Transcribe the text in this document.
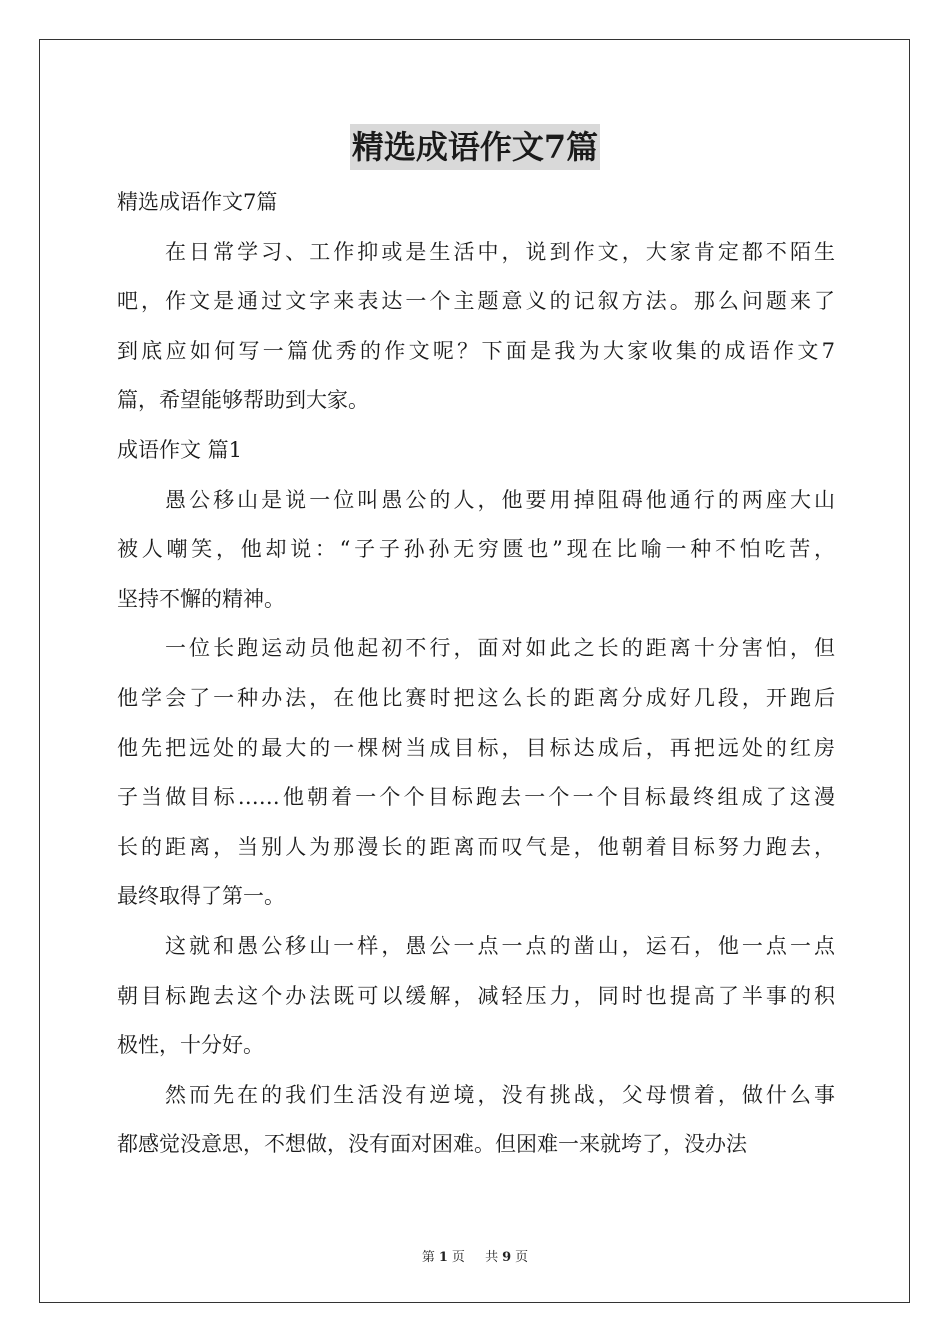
精选成语作文7篇
精选成语作文7篇
在日常学习、工作抑或是生活中，说到作文，大家肯定都不陌生
吧，作文是通过文字来表达一个主题意义的记叙方法。那么问题来了
到底应如何写一篇优秀的作文呢？下面是我为大家收集的成语作文7
篇，希望能够帮助到大家。
成语作文 篇1
愚公移山是说一位叫愚公的人，他要用掉阻碍他通行的两座大山
被人嘲笑，他却说：“子子孙孙无穷匮也”现在比喻一种不怕吃苦，
坚持不懈的精神。
一位长跑运动员他起初不行，面对如此之长的距离十分害怕，但
他学会了一种办法，在他比赛时把这么长的距离分成好几段，开跑后
他先把远处的最大的一棵树当成目标，目标达成后，再把远处的红房
子当做目标……他朝着一个个目标跑去一个一个目标最终组成了这漫
长的距离，当别人为那漫长的距离而叹气是，他朝着目标努力跑去，
最终取得了第一。
这就和愚公移山一样，愚公一点一点的凿山，运石，他一点一点
朝目标跑去这个办法既可以缓解，减轻压力，同时也提高了半事的积
极性，十分好。
然而先在的我们生活没有逆境，没有挑战，父母惯着，做什么事
都感觉没意思，不想做，没有面对困难。但困难一来就垮了，没办法
第 1 页 共 9 页
